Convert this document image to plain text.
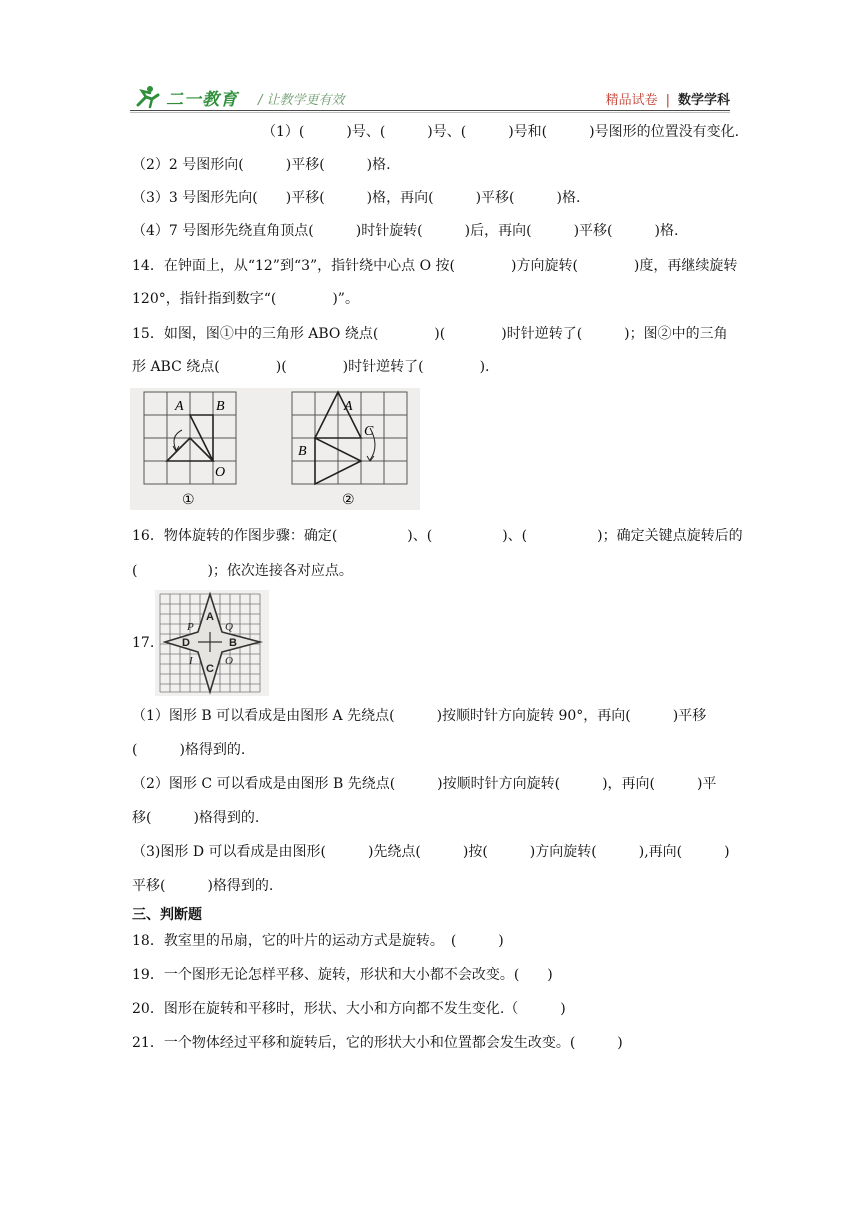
二一教育 / 让教学更有效	精品试卷 | 数学学科
（1）(　　　)号、(　　　)号、(　　　)号和(　　　)号图形的位置没有变化.
（2）2 号图形向(　　　)平移(　　　)格.
（3）3 号图形先向(　　)平移(　　　)格，再向(　　　)平移(　　　)格.
（4）7 号图形先绕直角顶点(　　　)时针旋转(　　　)后，再向(　　　)平移(　　　)格.
14．在钟面上，从“12”到“3”，指针绕中心点 O 按(　　　　)方向旋转(　　　　)度，再继续旋转
120°，指针指到数字“(　　　　)”。
15．如图，图①中的三角形 ABO 绕点(　　　　)(　　　　)时针逆转了(　　　)；图②中的三角
形 ABC 绕点(　　　　)(　　　　)时针逆转了(　　　　).
A B
O
①
A
B
C
②
16．物体旋转的作图步骤：确定(　　　　　)、(　　　　　)、(　　　　　)；确定关键点旋转后的
(　　　　　)；依次连接各对应点。
17.
A
B
C
D
P	Q
I	O
（1）图形 B 可以看成是由图形 A 先绕点(　　　)按顺时针方向旋转 90°，再向(　　　)平移
(　　　)格得到的.
（2）图形 C 可以看成是由图形 B 先绕点(　　　)按顺时针方向旋转(　　　)，再向(　　　)平
移(　　　)格得到的.
（3)图形 D 可以看成是由图形(　　　)先绕点(　　　)按(　　　)方向旋转(　　　),再向(　　　)
平移(　　　)格得到的.
三、判断题
18．教室里的吊扇，它的叶片的运动方式是旋转。　(　　　)
19．一个图形无论怎样平移、旋转，形状和大小都不会改变。(　　)
20．图形在旋转和平移时，形状、大小和方向都不发生变化.（　　　)
21．一个物体经过平移和旋转后，它的形状大小和位置都会发生改变。(　　　)
